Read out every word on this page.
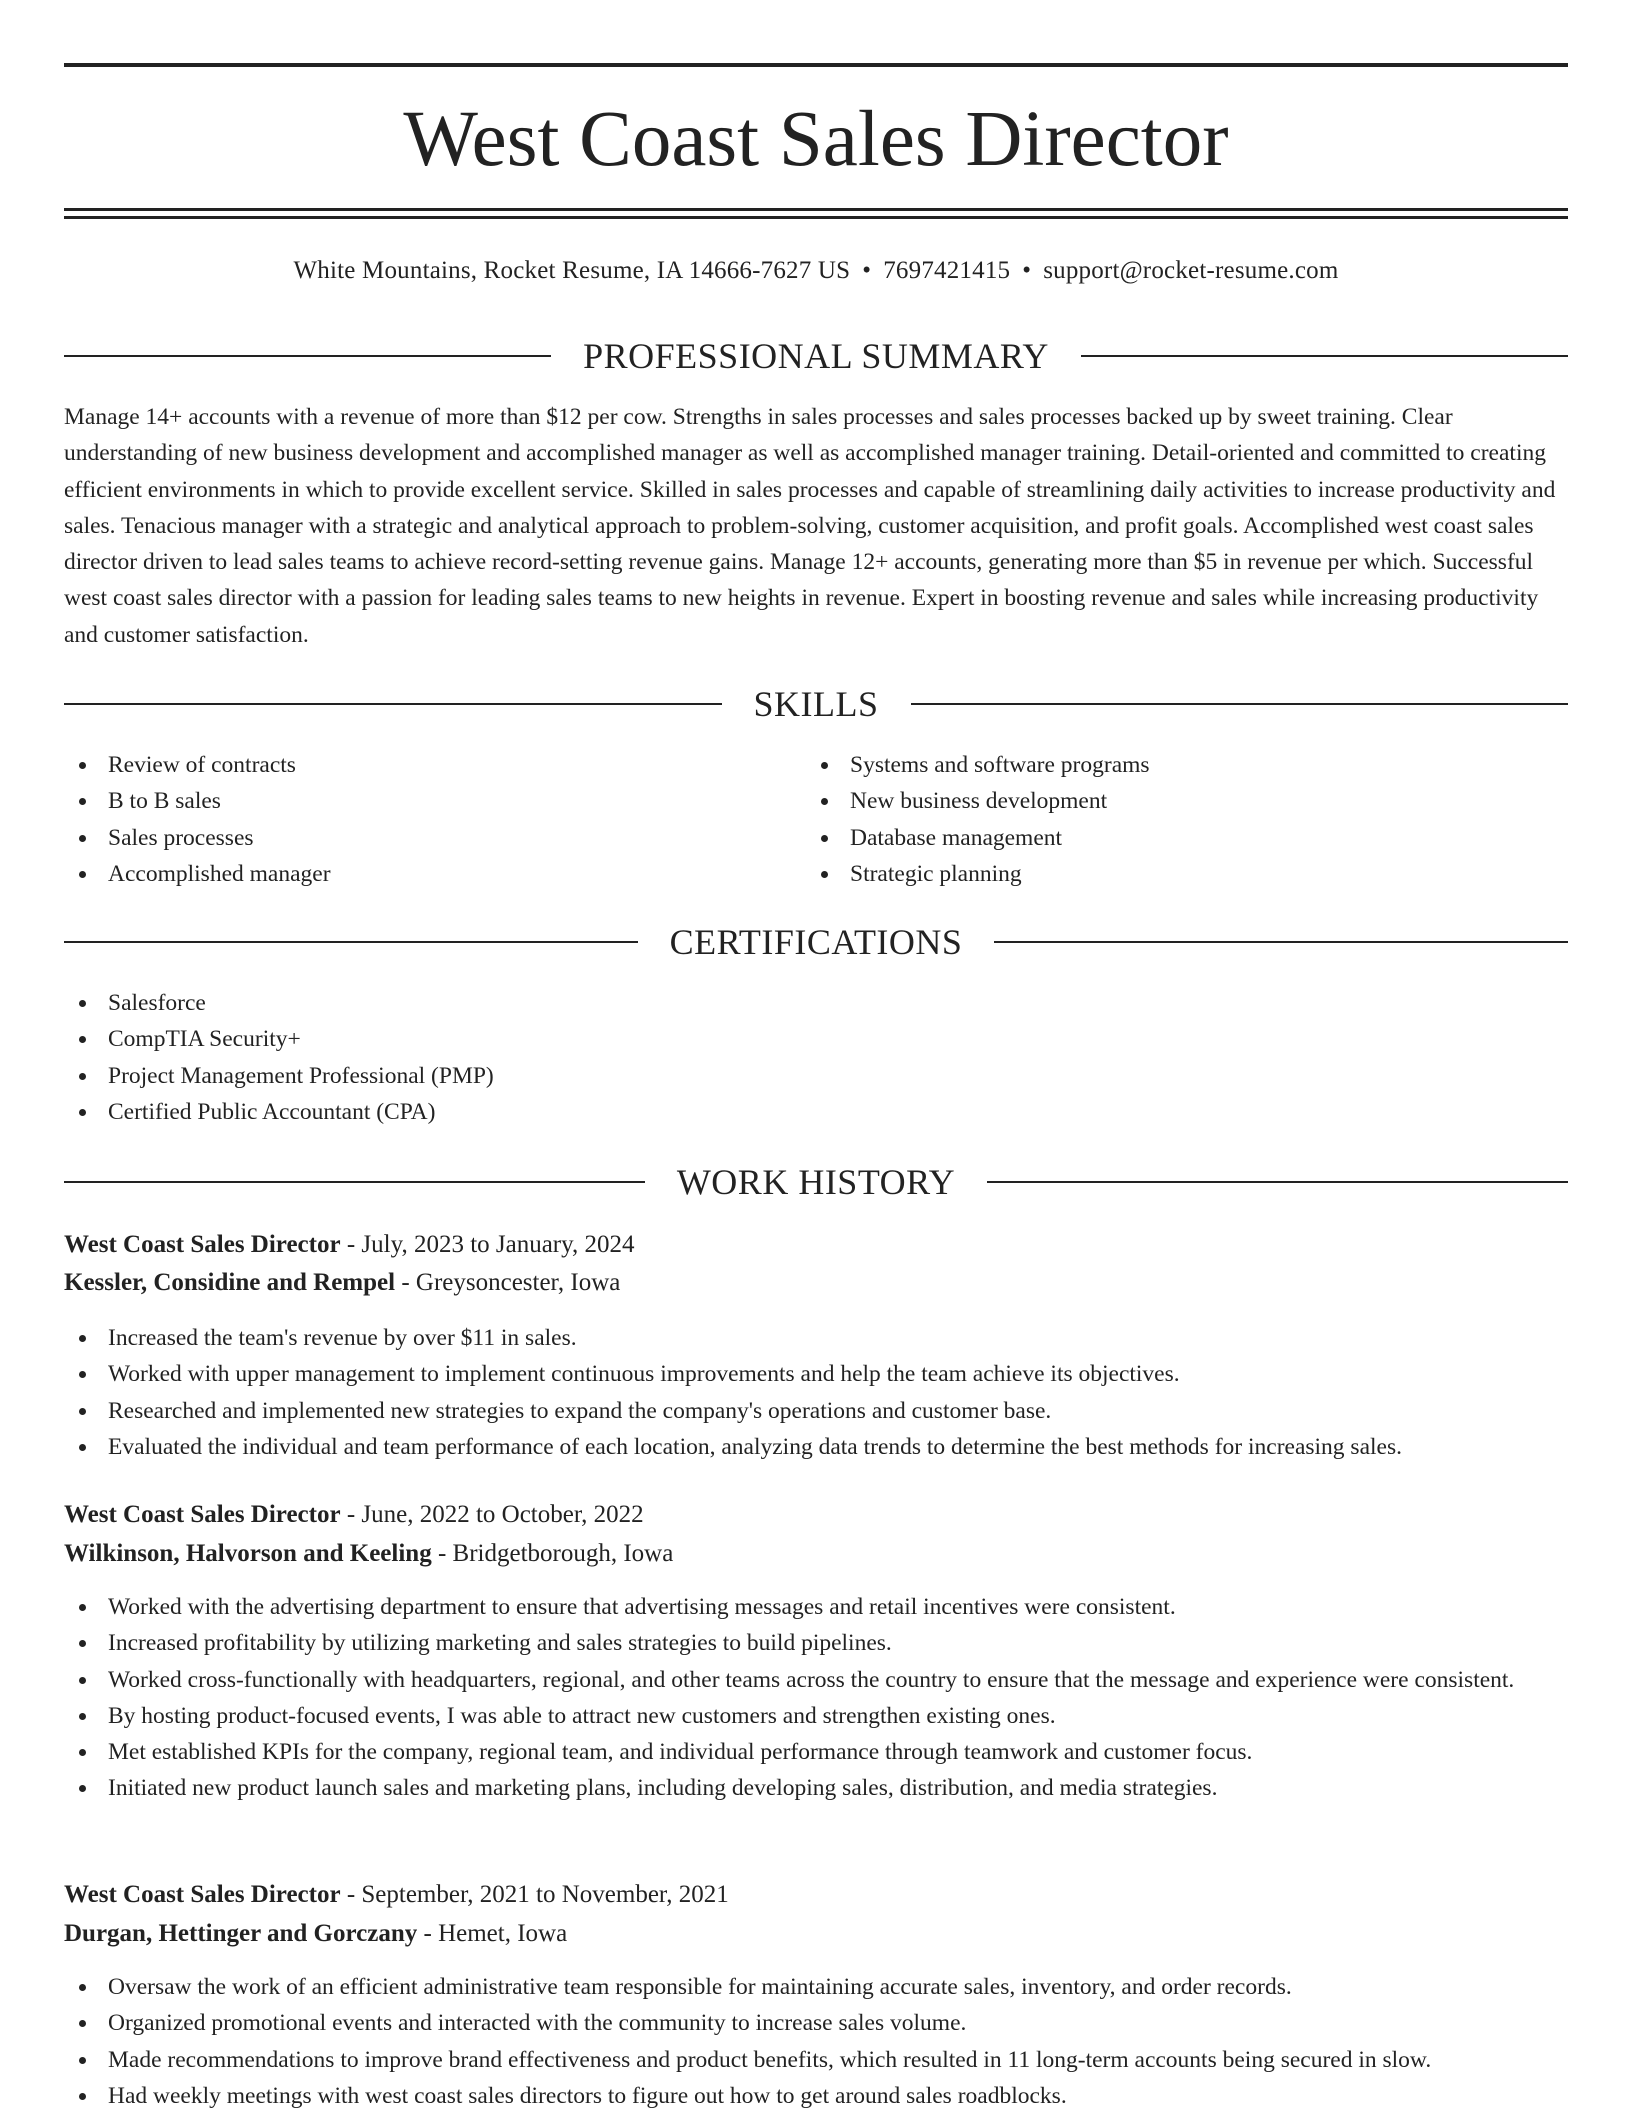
West Coast Sales Director
White Mountains, Rocket Resume, IA 14666-7627 US • 7697421415 • support@rocket-resume.com
PROFESSIONAL SUMMARY

Manage 14+ accounts with a revenue of more than $12 per cow. Strengths in sales processes and sales processes backed up by sweet training. Clear understanding of new business development and accomplished manager as well as accomplished manager training. Detail-oriented and committed to creating efficient environments in which to provide excellent service. Skilled in sales processes and capable of streamlining daily activities to increase productivity and sales. Tenacious manager with a strategic and analytical approach to problem-solving, customer acquisition, and profit goals. Accomplished west coast sales director driven to lead sales teams to achieve record-setting revenue gains. Manage 12+ accounts, generating more than $5 in revenue per which. Successful west coast sales director with a passion for leading sales teams to new heights in revenue. Expert in boosting revenue and sales while increasing productivity and customer satisfaction.

SKILLS
Review of contracts
B to B sales
Sales processes
Accomplished manager
Systems and software programs
New business development
Database management
Strategic planning
CERTIFICATIONS
Salesforce
CompTIA Security+
Project Management Professional (PMP)
Certified Public Accountant (CPA)
WORK HISTORY
West Coast Sales Director - July, 2023 to January, 2024
Kessler, Considine and Rempel - Greysoncester, Iowa
Increased the team's revenue by over $11 in sales.
Worked with upper management to implement continuous improvements and help the team achieve its objectives.
Researched and implemented new strategies to expand the company's operations and customer base.
Evaluated the individual and team performance of each location, analyzing data trends to determine the best methods for increasing sales.
West Coast Sales Director - June, 2022 to October, 2022
Wilkinson, Halvorson and Keeling - Bridgetborough, Iowa
Worked with the advertising department to ensure that advertising messages and retail incentives were consistent.
Increased profitability by utilizing marketing and sales strategies to build pipelines.
Worked cross-functionally with headquarters, regional, and other teams across the country to ensure that the message and experience were consistent.
By hosting product-focused events, I was able to attract new customers and strengthen existing ones.
Met established KPIs for the company, regional team, and individual performance through teamwork and customer focus.
Initiated new product launch sales and marketing plans, including developing sales, distribution, and media strategies.
West Coast Sales Director - September, 2021 to November, 2021
Durgan, Hettinger and Gorczany - Hemet, Iowa
Oversaw the work of an efficient administrative team responsible for maintaining accurate sales, inventory, and order records.
Organized promotional events and interacted with the community to increase sales volume.
Made recommendations to improve brand effectiveness and product benefits, which resulted in 11 long-term accounts being secured in slow.
Had weekly meetings with west coast sales directors to figure out how to get around sales roadblocks.
